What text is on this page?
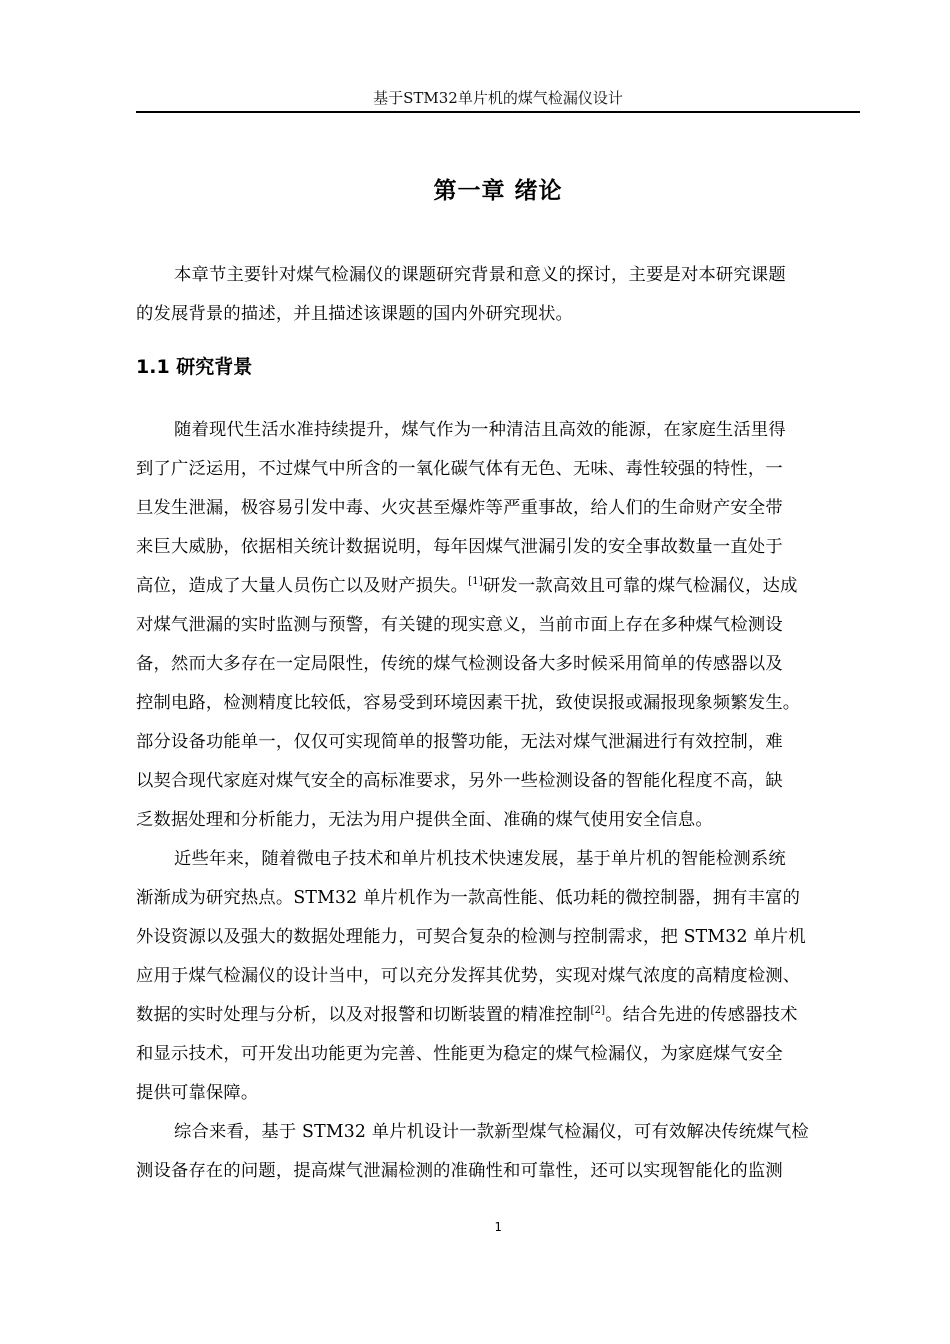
基于STM32单片机的煤气检漏仪设计
第一章 绪论
本章节主要针对煤气检漏仪的课题研究背景和意义的探讨，主要是对本研究课题
的发展背景的描述，并且描述该课题的国内外研究现状。
1.1 研究背景
随着现代生活水准持续提升，煤气作为一种清洁且高效的能源，在家庭生活里得
到了广泛运用，不过煤气中所含的一氧化碳气体有无色、无味、毒性较强的特性，一
旦发生泄漏，极容易引发中毒、火灾甚至爆炸等严重事故，给人们的生命财产安全带
来巨大威胁，依据相关统计数据说明，每年因煤气泄漏引发的安全事故数量一直处于
高位，造成了大量人员伤亡以及财产损失。[1]研发一款高效且可靠的煤气检漏仪，达成
对煤气泄漏的实时监测与预警，有关键的现实意义，当前市面上存在多种煤气检测设
备，然而大多存在一定局限性，传统的煤气检测设备大多时候采用简单的传感器以及
控制电路，检测精度比较低，容易受到环境因素干扰，致使误报或漏报现象频繁发生。
部分设备功能单一，仅仅可实现简单的报警功能，无法对煤气泄漏进行有效控制，难
以契合现代家庭对煤气安全的高标准要求，另外一些检测设备的智能化程度不高，缺
乏数据处理和分析能力，无法为用户提供全面、准确的煤气使用安全信息。
近些年来，随着微电子技术和单片机技术快速发展，基于单片机的智能检测系统
渐渐成为研究热点。STM32 单片机作为一款高性能、低功耗的微控制器，拥有丰富的
外设资源以及强大的数据处理能力，可契合复杂的检测与控制需求，把 STM32 单片机
应用于煤气检漏仪的设计当中，可以充分发挥其优势，实现对煤气浓度的高精度检测、
数据的实时处理与分析，以及对报警和切断装置的精准控制[2]。结合先进的传感器技术
和显示技术，可开发出功能更为完善、性能更为稳定的煤气检漏仪，为家庭煤气安全
提供可靠保障。
综合来看，基于 STM32 单片机设计一款新型煤气检漏仪，可有效解决传统煤气检
测设备存在的问题，提高煤气泄漏检测的准确性和可靠性，还可以实现智能化的监测
1
